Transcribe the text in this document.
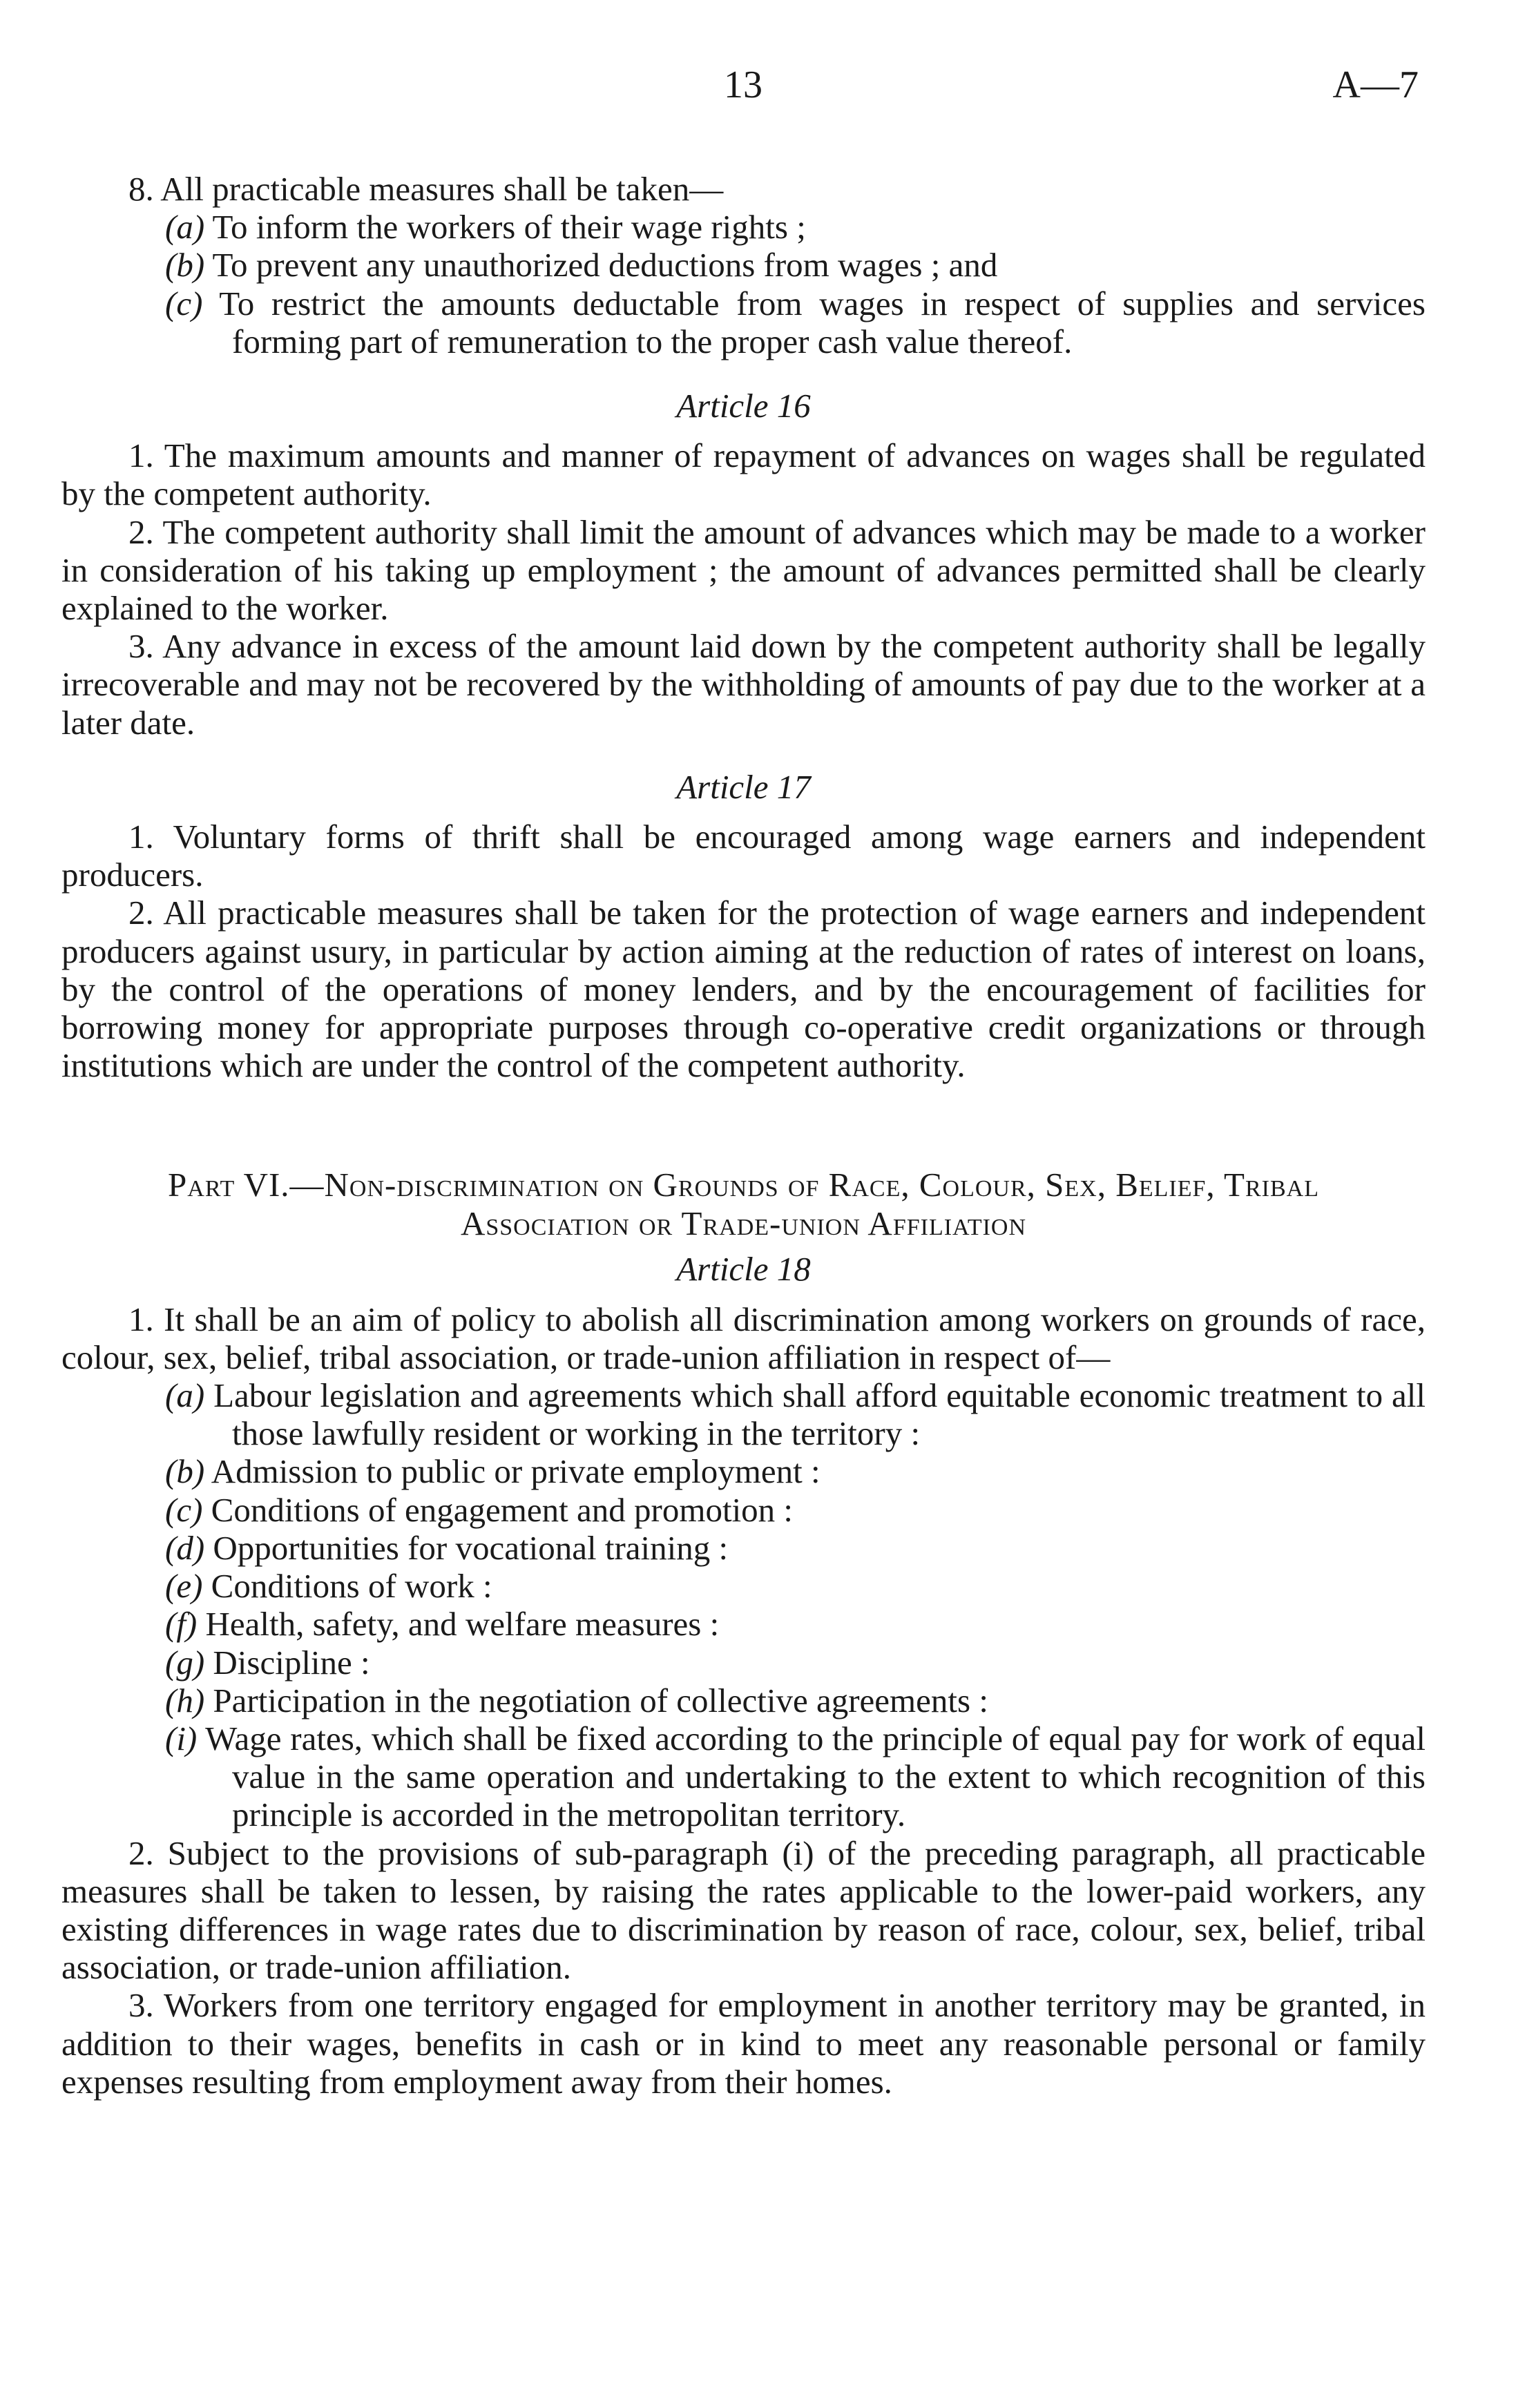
13	A—7

8. All practicable measures shall be taken—

(a) To inform the workers of their wage rights ;

(b) To prevent any unauthorized deductions from wages ; and

(c) To restrict the amounts deductable from wages in respect of supplies and services forming part of remuneration to the proper cash value thereof.

Article 16

1. The maximum amounts and manner of repayment of advances on wages shall be regulated by the competent authority.

2. The competent authority shall limit the amount of advances which may be made to a worker in consideration of his taking up employment ; the amount of advances permitted shall be clearly explained to the worker.

3. Any advance in excess of the amount laid down by the competent authority shall be legally irrecoverable and may not be recovered by the withholding of amounts of pay due to the worker at a later date.

Article 17

1. Voluntary forms of thrift shall be encouraged among wage earners and independent producers.

2. All practicable measures shall be taken for the protection of wage earners and independent producers against usury, in particular by action aiming at the reduction of rates of interest on loans, by the control of the operations of money lenders, and by the encouragement of facilities for borrowing money for appropriate purposes through co-operative credit organizations or through institutions which are under the control of the competent authority.

Part VI.—Non-discrimination on Grounds of Race, Colour, Sex, Belief, Tribal
Association or Trade-union Affiliation

Article 18

1. It shall be an aim of policy to abolish all discrimination among workers on grounds of race, colour, sex, belief, tribal association, or trade-union affiliation in respect of—

(a) Labour legislation and agreements which shall afford equitable economic treatment to all those lawfully resident or working in the territory :

(b) Admission to public or private employment :

(c) Conditions of engagement and promotion :

(d) Opportunities for vocational training :

(e) Conditions of work :

(f) Health, safety, and welfare measures :

(g) Discipline :

(h) Participation in the negotiation of collective agreements :

(i) Wage rates, which shall be fixed according to the principle of equal pay for work of equal value in the same operation and undertaking to the extent to which recognition of this principle is accorded in the metropolitan territory.

2. Subject to the provisions of sub-paragraph (i) of the preceding paragraph, all practicable measures shall be taken to lessen, by raising the rates applicable to the lower-paid workers, any existing differences in wage rates due to discrimination by reason of race, colour, sex, belief, tribal association, or trade-union affiliation.

3. Workers from one territory engaged for employment in another territory may be granted, in addition to their wages, benefits in cash or in kind to meet any reasonable personal or family expenses resulting from employment away from their homes.
